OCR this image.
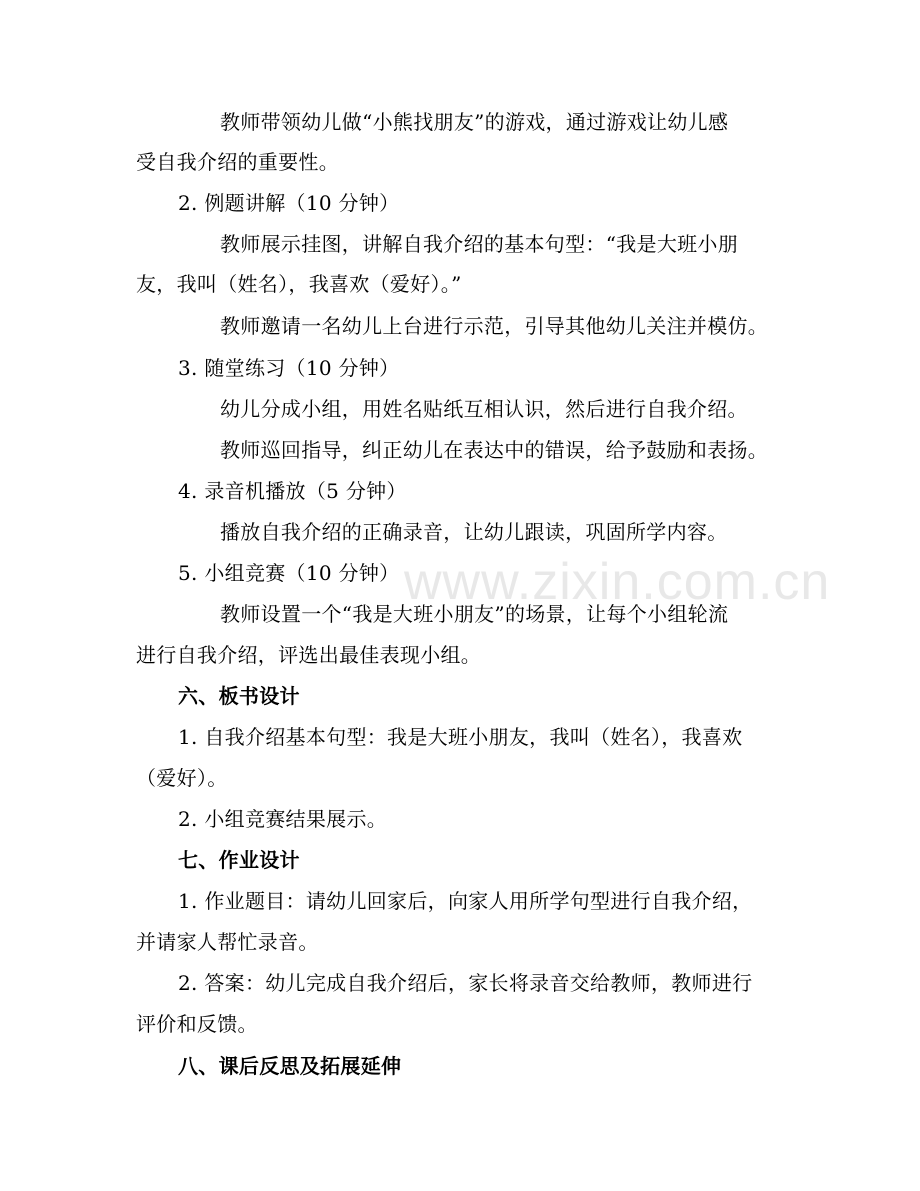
www.zixin.com.cn
教师带领幼儿做“小熊找朋友”的游戏，通过游戏让幼儿感
受自我介绍的重要性。
2. 例题讲解（10 分钟）
教师展示挂图，讲解自我介绍的基本句型：“我是大班小朋
友，我叫（姓名），我喜欢（爱好）。”
教师邀请一名幼儿上台进行示范，引导其他幼儿关注并模仿。
3. 随堂练习（10 分钟）
幼儿分成小组，用姓名贴纸互相认识，然后进行自我介绍。
教师巡回指导，纠正幼儿在表达中的错误，给予鼓励和表扬。
4. 录音机播放（5 分钟）
播放自我介绍的正确录音，让幼儿跟读，巩固所学内容。
5. 小组竞赛（10 分钟）
教师设置一个“我是大班小朋友”的场景，让每个小组轮流
进行自我介绍，评选出最佳表现小组。
六、板书设计
1. 自我介绍基本句型：我是大班小朋友，我叫（姓名），我喜欢
（爱好）。
2. 小组竞赛结果展示。
七、作业设计
1. 作业题目：请幼儿回家后，向家人用所学句型进行自我介绍，
并请家人帮忙录音。
2. 答案：幼儿完成自我介绍后，家长将录音交给教师，教师进行
评价和反馈。
八、课后反思及拓展延伸
